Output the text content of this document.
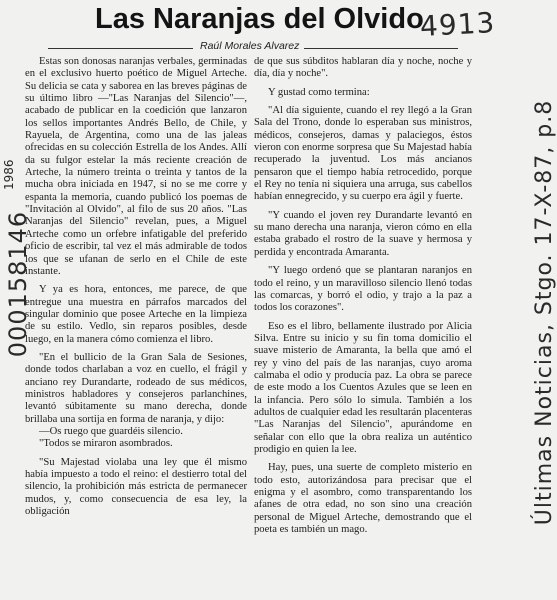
Las Naranjas del Olvido
Raúl Morales Alvarez

Estas son donosas naranjas verbales, germinadas en el exclusivo huerto poético de Miguel Arteche. Su delicia se cata y saborea en las breves páginas de su último libro —"Las Naranjas del Silencio"—, acabado de publicar en la coedición que lanzaron los sellos importantes Andrés Bello, de Chile, y Rayuela, de Argentina, como una de las jaleas ofrecidas en su colección Estrella de los Andes. Allí da su fulgor estelar la más reciente creación de Arteche, la número treinta o treinta y tantos de la mucha obra iniciada en 1947, si no se me corre y espanta la memoria, cuando publicó los poemas de "Invitación al Olvido", al filo de sus 20 años. "Las Naranjas del Silencio" revelan, pues, a Miguel Arteche como un orfebre infatigable del preferido oficio de escribir, tal vez el más admirable de todos los que se ufanan de serlo en el Chile de este instante.

Y ya es hora, entonces, me parece, de que entregue una muestra en párrafos marcados del singular dominio que posee Arteche en la limpieza de su estilo. Vedlo, sin reparos posibles, desde luego, en la manera cómo comienza el libro.

"En el bullicio de la Gran Sala de Sesiones, donde todos charlaban a voz en cuello, el frágil y anciano rey Durandarte, rodeado de sus médicos, ministros habladores y consejeros parlanchines, levantó súbitamente su mano derecha, donde brillaba una sortija en forma de naranja, y dijo:

—Os ruego que guardéis silencio.

"Todos se miraron asombrados.

"Su Majestad violaba una ley que él mismo había impuesto a todo el reino: el destierro total del silencio, la prohibición más estricta de permanecer mudos, y, como consecuencia de esa ley, la obligación

de que sus súbditos hablaran día y noche, noche y día, día y noche".

Y gustad como termina:

"Al día siguiente, cuando el rey llegó a la Gran Sala del Trono, donde lo esperaban sus ministros, médicos, consejeros, damas y palaciegos, éstos vieron con enorme sorpresa que Su Majestad había recuperado la juventud. Los más ancianos pensaron que el tiempo había retrocedido, porque el Rey no tenía ni siquiera una arruga, sus cabellos habían ennegrecido, y su cuerpo era ágil y fuerte.

"Y cuando el joven rey Durandarte levantó en su mano derecha una naranja, vieron cómo en ella estaba grabado el rostro de la suave y hermosa y perdida y encontrada Amaranta.

"Y luego ordenó que se plantaran naranjos en todo el reino, y un maravilloso silencio llenó todas las comarcas, y borró el odio, y trajo a la paz a todos los corazones".

Eso es el libro, bellamente ilustrado por Alicia Silva. Entre su inicio y su fin toma domicilio el suave misterio de Amaranta, la bella que amó el rey y vino del país de las naranjas, cuyo aroma calmaba el odio y producía paz. La obra se parece de este modo a los Cuentos Azules que se leen en la infancia. Pero sólo lo simula. También a los adultos de cualquier edad les resultarán placenteras "Las Naranjas del Silencio", apurándome en señalar con ello que la obra realiza un auténtico prodigio en quien la lee.

Hay, pues, una suerte de completo misterio en todo esto, autorizándosa para precisar que el enigma y el asombro, como transparentando los afanes de otra edad, no son sino una creación personal de Miguel Arteche, demostrando que el poeta es también un mago.

4913
1986
000158146	Últimas Noticias, Stgo. 17-X-87, p.8
